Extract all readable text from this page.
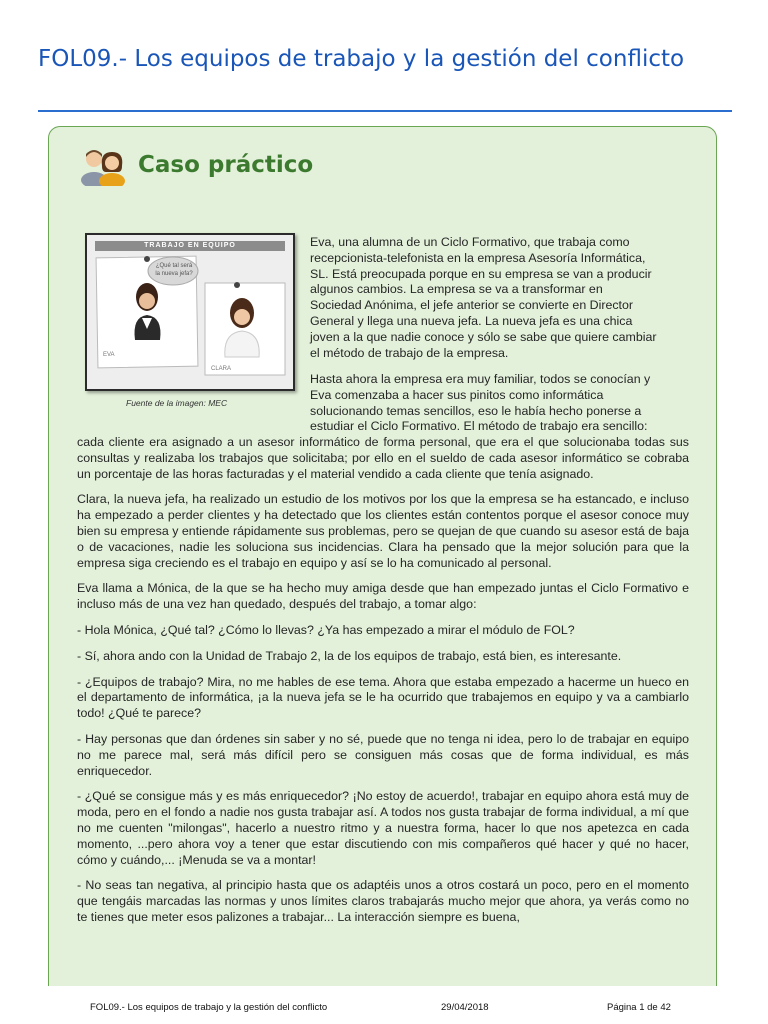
FOL09.- Los equipos de trabajo y la gestión del conflicto
Caso práctico
TRABAJO EN EQUIPO
¿Qué tal será
la nueva jefa?
EVA
CLARA
Fuente de la imagen: MEC

Eva, una alumna de un Ciclo Formativo, que trabaja como

recepcionista-telefonista en la empresa Asesoría Informática,

SL. Está preocupada porque en su empresa se van a producir

algunos cambios. La empresa se va a transformar en

Sociedad Anónima, el jefe anterior se convierte en Director

General y llega una nueva jefa. La nueva jefa es una chica

joven a la que nadie conoce y sólo se sabe que quiere cambiar

el método de trabajo de la empresa.

Hasta ahora la empresa era muy familiar, todos se conocían y

Eva comenzaba a hacer sus pinitos como informática

solucionando temas sencillos, eso le había hecho ponerse a

estudiar el Ciclo Formativo. El método de trabajo era sencillo:

cada cliente era asignado a un asesor informático de forma personal, que era el que solucionaba todas sus consultas y realizaba los trabajos que solicitaba; por ello en el sueldo de cada asesor informático se cobraba un porcentaje de las horas facturadas y el material vendido a cada cliente que tenía asignado.

Clara, la nueva jefa, ha realizado un estudio de los motivos por los que la empresa se ha estancado, e incluso ha empezado a perder clientes y ha detectado que los clientes están contentos porque el asesor conoce muy bien su empresa y entiende rápidamente sus problemas, pero se quejan de que cuando su asesor está de baja o de vacaciones, nadie les soluciona sus incidencias. Clara ha pensado que la mejor solución para que la empresa siga creciendo es el trabajo en equipo y así se lo ha comunicado al personal.

Eva llama a Mónica, de la que se ha hecho muy amiga desde que han empezado juntas el Ciclo Formativo e incluso más de una vez han quedado, después del trabajo, a tomar algo:

- Hola Mónica, ¿Qué tal? ¿Cómo lo llevas? ¿Ya has empezado a mirar el módulo de FOL?

- Sí, ahora ando con la Unidad de Trabajo 2, la de los equipos de trabajo, está bien, es interesante.

- ¿Equipos de trabajo? Mira, no me hables de ese tema. Ahora que estaba empezado a hacerme un hueco en el departamento de informática, ¡a la nueva jefa se le ha ocurrido que trabajemos en equipo y va a cambiarlo todo! ¿Qué te parece?

- Hay personas que dan órdenes sin saber y no sé, puede que no tenga ni idea, pero lo de trabajar en equipo no me parece mal, será más difícil pero se consiguen más cosas que de forma individual, es más enriquecedor.

- ¿Qué se consigue más y es más enriquecedor? ¡No estoy de acuerdo!, trabajar en equipo ahora está muy de moda, pero en el fondo a nadie nos gusta trabajar así. A todos nos gusta trabajar de forma individual, a mí que no me cuenten "milongas", hacerlo a nuestro ritmo y a nuestra forma, hacer lo que nos apetezca en cada momento, ...pero ahora voy a tener que estar discutiendo con mis compañeros qué hacer y qué no hacer, cómo y cuándo,... ¡Menuda se va a montar!

- No seas tan negativa, al principio hasta que os adaptéis unos a otros costará un poco, pero en el momento que tengáis marcadas las normas y unos límites claros trabajarás mucho mejor que ahora, ya verás como no te tienes que meter esos palizones a trabajar... La interacción siempre es buena,

FOL09.- Los equipos de trabajo y la gestión del conflicto	29/04/2018	Página 1 de 42
